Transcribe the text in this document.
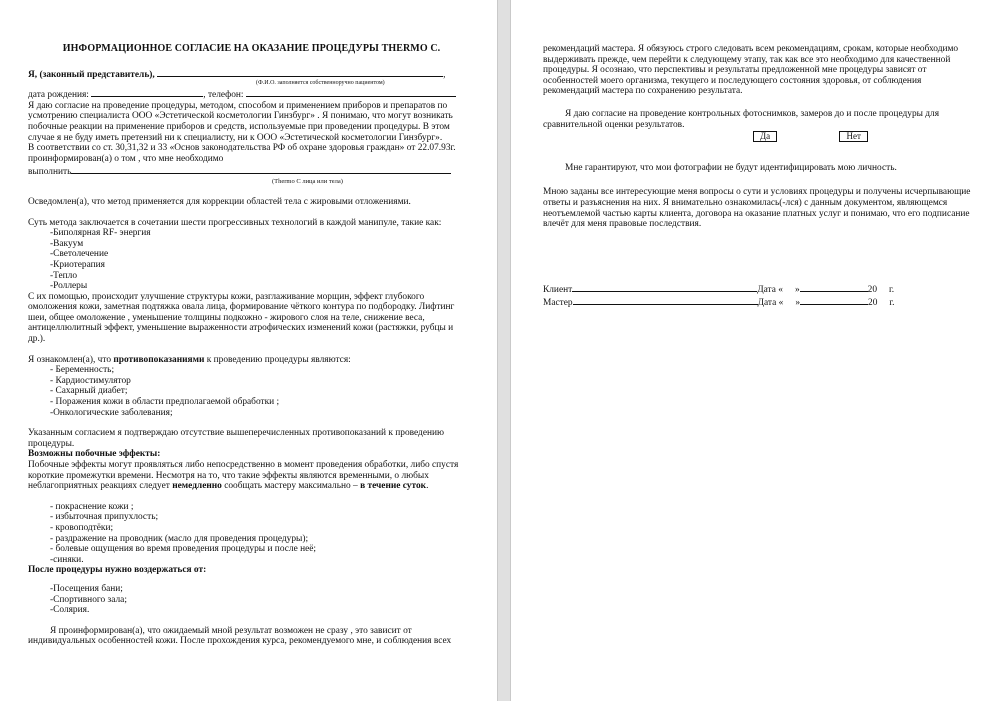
ИНФОРМАЦИОННОЕ СОГЛАСИЕ НА ОКАЗАНИЕ ПРОЦЕДУРЫ THERMO C.
Я, (законный представитель),	,
(Ф.И.О. заполняется собственноручно пациентом)
дата рождения:	, телефон:
Я даю согласие на проведение процедуры, методом, способом и применением приборов и препаратов по
усмотрению специалиста ООО «Эстетической косметологии Гинзбург» . Я понимаю, что могут возникать
побочные реакции на применение приборов и средств, используемые при проведении процедуры. В этом
случае я не буду иметь претензий ни к специалисту, ни к ООО «Эстетической косметологии Гинзбург».
В соответствии со ст. 30,31,32 и 33 «Основ законодательства РФ об охране здоровья граждан» от 22.07.93г.
проинформирован(а) о том , что мне необходимо
выполнить
(Thermo C лица или тела)
Осведомлен(а), что метод применяется для коррекции областей тела с жировыми отложениями.
Суть метода заключается в сочетании шести прогрессивных технологий в каждой манипуле, такие как:
-Биполярная RF- энергия
-Вакуум
-Светолечение
-Криотерапия
-Тепло
-Роллеры
С их помощью, происходит улучшение структуры кожи, разглаживание морщин, эффект глубокого
омоложения кожи, заметная подтяжка овала лица, формирование чёткого контура по подбородку. Лифтинг
шеи, общее омоложение , уменьшение толщины подкожно - жирового слоя на теле, снижение веса,
антицеллюлитный эффект, уменьшение выраженности атрофических изменений кожи (растяжки, рубцы и
др.).
Я ознакомлен(а), что противопоказаниями к проведению процедуры являются:
- Беременность;
- Кардиостимулятор
- Сахарный диабет;
- Поражения кожи в области предполагаемой обработки ;
-Онкологические заболевания;
Указанным согласием я подтверждаю отсутствие вышеперечисленных противопоказаний к проведению
процедуры.
Возможны побочные эффекты:
Побочные эффекты могут проявляться либо непосредственно в момент проведения обработки, либо спустя
короткие промежутки времени. Несмотря на то, что такие эффекты являются временными, о любых
неблагоприятных реакциях следует немедленно сообщать мастеру максимально – в течение суток.
- покраснение кожи ;
- избыточная припухлость;
- кровоподтёки;
- раздражение на проводник (масло для проведения процедуры);
- болевые ощущения во время проведения процедуры и после неё;
-синяки.
После процедуры нужно воздержаться от:
-Посещения бани;
-Спортивного зала;
-Солярия.
Я проинформирован(а), что ожидаемый мной результат возможен не сразу , это зависит от
индивидуальных особенностей кожи. После прохождения курса, рекомендуемого мне, и соблюдения всех
рекомендаций мастера. Я обязуюсь строго следовать всем рекомендациям, срокам, которые необходимо
выдерживать прежде, чем перейти к следующему этапу, так как все это необходимо для качественной
процедуры. Я осознаю, что перспективы и результаты предложенной мне процедуры зависят от
особенностей моего организма, текущего и последующего состояния здоровья, от соблюдения
рекомендаций мастера по сохранению результата.
Я даю согласие на проведение контрольных фотоснимков, замеров до и после процедуры для
сравнительной оценки результатов.
Да	Нет
Мне гарантируют, что мои фотографии не будут идентифицировать мою личность.
Мною заданы все интересующие меня вопросы о сути и условиях процедуры и получены исчерпывающие
ответы и разъяснения на них. Я внимательно ознакомилась(-лся) с данным документом, являющемся
неотъемлемой частью карты клиента, договора на оказание платных услуг и понимаю, что его подписание
влечёт для меня правовые последствия.
Клиент	Дата « »	20 г.
Мастер	Дата « »	20 г.
